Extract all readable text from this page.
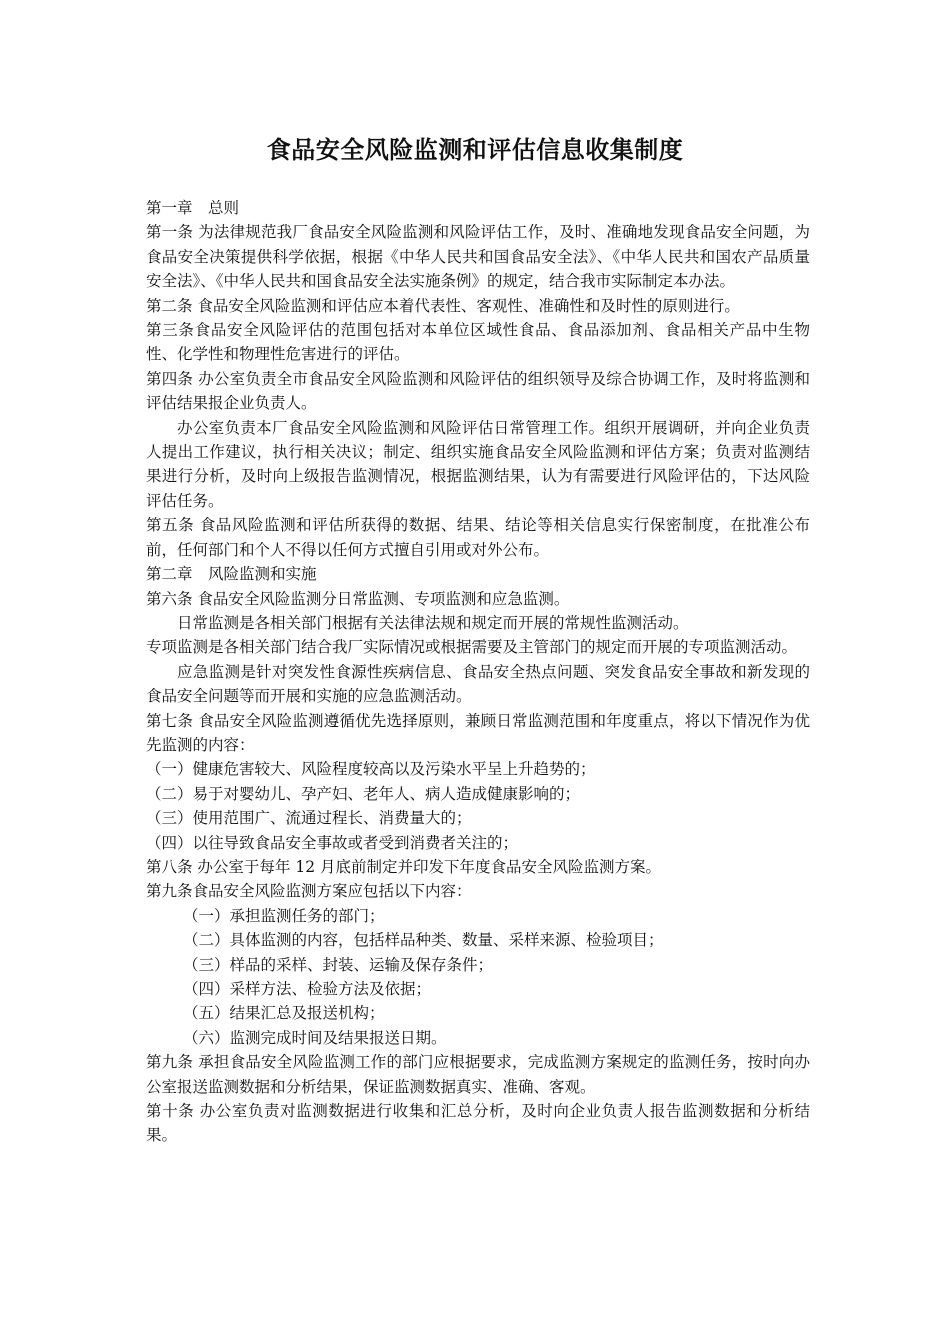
食品安全风险监测和评估信息收集制度

第一章　总则

第一条 为法律规范我厂食品安全风险监测和风险评估工作，及时、准确地发现食品安全问题，为食品安全决策提供科学依据，根据《中华人民共和国食品安全法》、《中华人民共和国农产品质量安全法》、《中华人民共和国食品安全法实施条例》的规定，结合我市实际制定本办法。

第二条 食品安全风险监测和评估应本着代表性、客观性、准确性和及时性的原则进行。

第三条食品安全风险评估的范围包括对本单位区域性食品、食品添加剂、食品相关产品中生物性、化学性和物理性危害进行的评估。

第四条 办公室负责全市食品安全风险监测和风险评估的组织领导及综合协调工作，及时将监测和评估结果报企业负责人。

办公室负责本厂食品安全风险监测和风险评估日常管理工作。组织开展调研，并向企业负责人提出工作建议，执行相关决议；制定、组织实施食品安全风险监测和评估方案；负责对监测结果进行分析，及时向上级报告监测情况，根据监测结果，认为有需要进行风险评估的，下达风险评估任务。

第五条 食品风险监测和评估所获得的数据、结果、结论等相关信息实行保密制度，在批准公布前，任何部门和个人不得以任何方式擅自引用或对外公布。

第二章　风险监测和实施

第六条 食品安全风险监测分日常监测、专项监测和应急监测。

日常监测是各相关部门根据有关法律法规和规定而开展的常规性监测活动。

专项监测是各相关部门结合我厂实际情况或根据需要及主管部门的规定而开展的专项监测活动。

应急监测是针对突发性食源性疾病信息、食品安全热点问题、突发食品安全事故和新发现的食品安全问题等而开展和实施的应急监测活动。

第七条 食品安全风险监测遵循优先选择原则，兼顾日常监测范围和年度重点，将以下情况作为优先监测的内容：

（一）健康危害较大、风险程度较高以及污染水平呈上升趋势的；

（二）易于对婴幼儿、孕产妇、老年人、病人造成健康影响的；

（三）使用范围广、流通过程长、消费量大的；

（四）以往导致食品安全事故或者受到消费者关注的；

第八条 办公室于每年 12 月底前制定并印发下年度食品安全风险监测方案。

第九条食品安全风险监测方案应包括以下内容：

（一）承担监测任务的部门；

（二）具体监测的内容，包括样品种类、数量、采样来源、检验项目；

（三）样品的采样、封装、运输及保存条件；

（四）采样方法、检验方法及依据；

（五）结果汇总及报送机构；

（六）监测完成时间及结果报送日期。

第九条 承担食品安全风险监测工作的部门应根据要求，完成监测方案规定的监测任务，按时向办公室报送监测数据和分析结果，保证监测数据真实、准确、客观。

第十条 办公室负责对监测数据进行收集和汇总分析，及时向企业负责人报告监测数据和分析结果。
